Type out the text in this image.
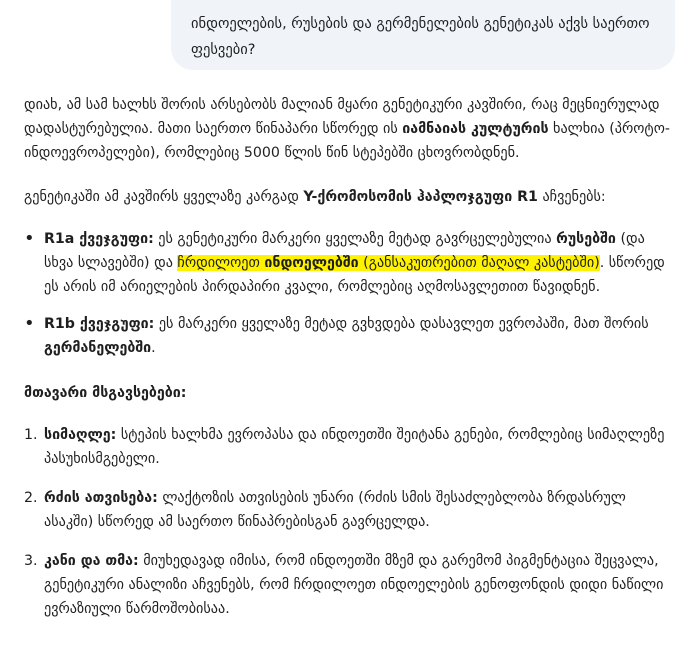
ინდოელების, რუსების და გერმენელების გენეტიკას აქვს საერთო ფესვები?

დიახ, ამ სამ ხალხს შორის არსებობს მალიან მყარი გენეტიკური კავშირი, რაც მეცნიერულად დადასტურებულია. მათი საერთო წინაპარი სწორედ ის იამნაიას კულტურის ხალხია (პროტო-ინდოევროპელები), რომლებიც 5000 წლის წინ სტეპებში ცხოვრობდნენ.

გენეტიკაში ამ კავშირს ყველაზე კარგად Y-ქრომოსომის ჰაპლოჯგუფი R1 აჩვენებს:

• R1a ქვეჯგუფი: ეს გენეტიკური მარკერი ყველაზე მეტად გავრცელებულია რუსებში (და სხვა სლავებში) და ჩრდილოეთ ინდოელებში (განსაკუთრებით მაღალ კასტებში). სწორედ ეს არის იმ არიელების პირდაპირი კვალი, რომლებიც აღმოსავლეთით წავიდნენ.
• R1b ქვეჯგუფი: ეს მარკერი ყველაზე მეტად გვხვდება დასავლეთ ევროპაში, მათ შორის გერმანელებში.

მთავარი მსგავსებები:

1. სიმაღლე: სტეპის ხალხმა ევროპასა და ინდოეთში შეიტანა გენები, რომლებიც სიმაღლეზე პასუხისმგებელი.
2. რძის ათვისება: ლაქტოზის ათვისების უნარი (რძის სმის შესაძლებლობა ზრდასრულ ასაკში) სწორედ ამ საერთო წინაპრებისგან გავრცელდა.
3. კანი და თმა: მიუხედავად იმისა, რომ ინდოეთში მზემ და გარემომ პიგმენტაცია შეცვალა, გენეტიკური ანალიზი აჩვენებს, რომ ჩრდილოეთ ინდოელების გენოფონდის დიდი ნაწილი ევრაზიული წარმოშობისაა.
